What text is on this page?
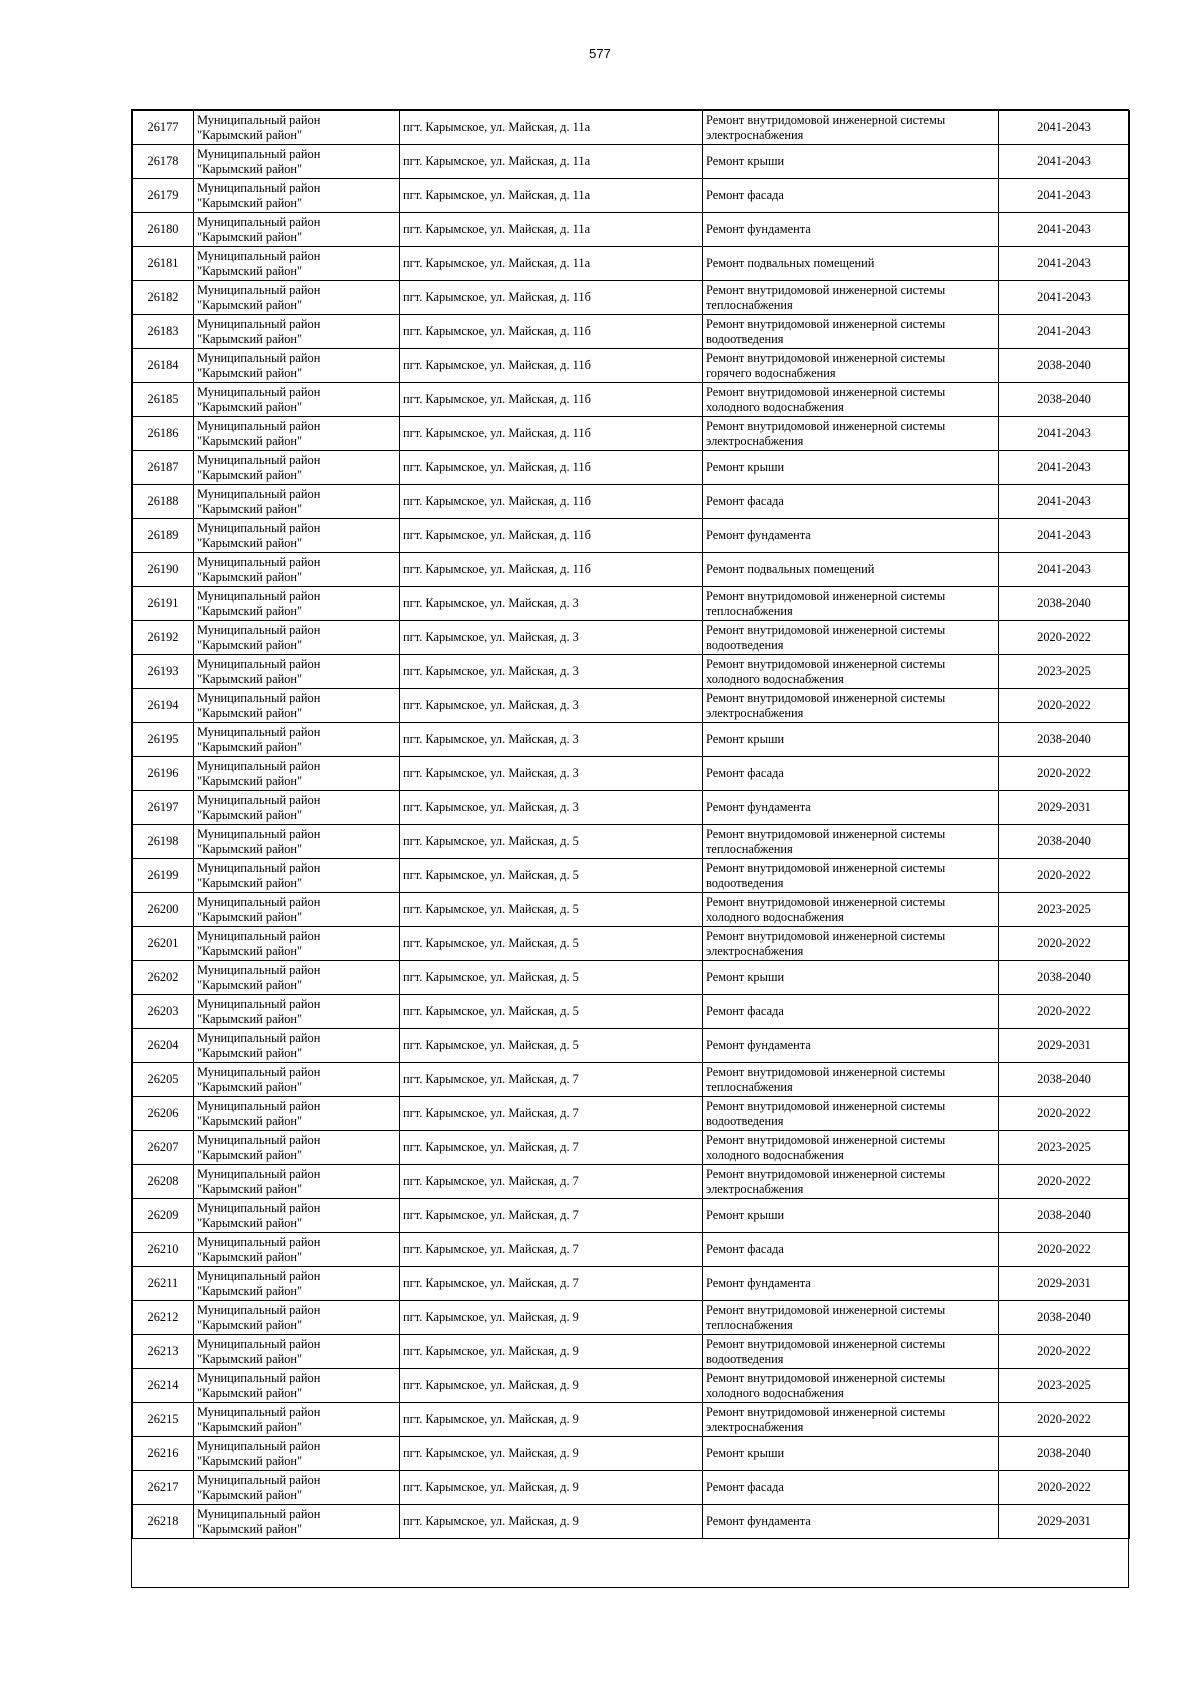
577
26177	Муниципальный район
"Карымский район"	пгт. Карымское, ул. Майская, д. 11а	Ремонт внутридомовой инженерной системы
электроснабжения	2041-2043
26178	Муниципальный район
"Карымский район"	пгт. Карымское, ул. Майская, д. 11а	Ремонт крыши	2041-2043
26179	Муниципальный район
"Карымский район"	пгт. Карымское, ул. Майская, д. 11а	Ремонт фасада	2041-2043
26180	Муниципальный район
"Карымский район"	пгт. Карымское, ул. Майская, д. 11а	Ремонт фундамента	2041-2043
26181	Муниципальный район
"Карымский район"	пгт. Карымское, ул. Майская, д. 11а	Ремонт подвальных помещений	2041-2043
26182	Муниципальный район
"Карымский район"	пгт. Карымское, ул. Майская, д. 11б	Ремонт внутридомовой инженерной системы
теплоснабжения	2041-2043
26183	Муниципальный район
"Карымский район"	пгт. Карымское, ул. Майская, д. 11б	Ремонт внутридомовой инженерной системы
водоотведения	2041-2043
26184	Муниципальный район
"Карымский район"	пгт. Карымское, ул. Майская, д. 11б	Ремонт внутридомовой инженерной системы
горячего водоснабжения	2038-2040
26185	Муниципальный район
"Карымский район"	пгт. Карымское, ул. Майская, д. 11б	Ремонт внутридомовой инженерной системы
холодного водоснабжения	2038-2040
26186	Муниципальный район
"Карымский район"	пгт. Карымское, ул. Майская, д. 11б	Ремонт внутридомовой инженерной системы
электроснабжения	2041-2043
26187	Муниципальный район
"Карымский район"	пгт. Карымское, ул. Майская, д. 11б	Ремонт крыши	2041-2043
26188	Муниципальный район
"Карымский район"	пгт. Карымское, ул. Майская, д. 11б	Ремонт фасада	2041-2043
26189	Муниципальный район
"Карымский район"	пгт. Карымское, ул. Майская, д. 11б	Ремонт фундамента	2041-2043
26190	Муниципальный район
"Карымский район"	пгт. Карымское, ул. Майская, д. 11б	Ремонт подвальных помещений	2041-2043
26191	Муниципальный район
"Карымский район"	пгт. Карымское, ул. Майская, д. 3	Ремонт внутридомовой инженерной системы
теплоснабжения	2038-2040
26192	Муниципальный район
"Карымский район"	пгт. Карымское, ул. Майская, д. 3	Ремонт внутридомовой инженерной системы
водоотведения	2020-2022
26193	Муниципальный район
"Карымский район"	пгт. Карымское, ул. Майская, д. 3	Ремонт внутридомовой инженерной системы
холодного водоснабжения	2023-2025
26194	Муниципальный район
"Карымский район"	пгт. Карымское, ул. Майская, д. 3	Ремонт внутридомовой инженерной системы
электроснабжения	2020-2022
26195	Муниципальный район
"Карымский район"	пгт. Карымское, ул. Майская, д. 3	Ремонт крыши	2038-2040
26196	Муниципальный район
"Карымский район"	пгт. Карымское, ул. Майская, д. 3	Ремонт фасада	2020-2022
26197	Муниципальный район
"Карымский район"	пгт. Карымское, ул. Майская, д. 3	Ремонт фундамента	2029-2031
26198	Муниципальный район
"Карымский район"	пгт. Карымское, ул. Майская, д. 5	Ремонт внутридомовой инженерной системы
теплоснабжения	2038-2040
26199	Муниципальный район
"Карымский район"	пгт. Карымское, ул. Майская, д. 5	Ремонт внутридомовой инженерной системы
водоотведения	2020-2022
26200	Муниципальный район
"Карымский район"	пгт. Карымское, ул. Майская, д. 5	Ремонт внутридомовой инженерной системы
холодного водоснабжения	2023-2025
26201	Муниципальный район
"Карымский район"	пгт. Карымское, ул. Майская, д. 5	Ремонт внутридомовой инженерной системы
электроснабжения	2020-2022
26202	Муниципальный район
"Карымский район"	пгт. Карымское, ул. Майская, д. 5	Ремонт крыши	2038-2040
26203	Муниципальный район
"Карымский район"	пгт. Карымское, ул. Майская, д. 5	Ремонт фасада	2020-2022
26204	Муниципальный район
"Карымский район"	пгт. Карымское, ул. Майская, д. 5	Ремонт фундамента	2029-2031
26205	Муниципальный район
"Карымский район"	пгт. Карымское, ул. Майская, д. 7	Ремонт внутридомовой инженерной системы
теплоснабжения	2038-2040
26206	Муниципальный район
"Карымский район"	пгт. Карымское, ул. Майская, д. 7	Ремонт внутридомовой инженерной системы
водоотведения	2020-2022
26207	Муниципальный район
"Карымский район"	пгт. Карымское, ул. Майская, д. 7	Ремонт внутридомовой инженерной системы
холодного водоснабжения	2023-2025
26208	Муниципальный район
"Карымский район"	пгт. Карымское, ул. Майская, д. 7	Ремонт внутридомовой инженерной системы
электроснабжения	2020-2022
26209	Муниципальный район
"Карымский район"	пгт. Карымское, ул. Майская, д. 7	Ремонт крыши	2038-2040
26210	Муниципальный район
"Карымский район"	пгт. Карымское, ул. Майская, д. 7	Ремонт фасада	2020-2022
26211	Муниципальный район
"Карымский район"	пгт. Карымское, ул. Майская, д. 7	Ремонт фундамента	2029-2031
26212	Муниципальный район
"Карымский район"	пгт. Карымское, ул. Майская, д. 9	Ремонт внутридомовой инженерной системы
теплоснабжения	2038-2040
26213	Муниципальный район
"Карымский район"	пгт. Карымское, ул. Майская, д. 9	Ремонт внутридомовой инженерной системы
водоотведения	2020-2022
26214	Муниципальный район
"Карымский район"	пгт. Карымское, ул. Майская, д. 9	Ремонт внутридомовой инженерной системы
холодного водоснабжения	2023-2025
26215	Муниципальный район
"Карымский район"	пгт. Карымское, ул. Майская, д. 9	Ремонт внутридомовой инженерной системы
электроснабжения	2020-2022
26216	Муниципальный район
"Карымский район"	пгт. Карымское, ул. Майская, д. 9	Ремонт крыши	2038-2040
26217	Муниципальный район
"Карымский район"	пгт. Карымское, ул. Майская, д. 9	Ремонт фасада	2020-2022
26218	Муниципальный район
"Карымский район"	пгт. Карымское, ул. Майская, д. 9	Ремонт фундамента	2029-2031
